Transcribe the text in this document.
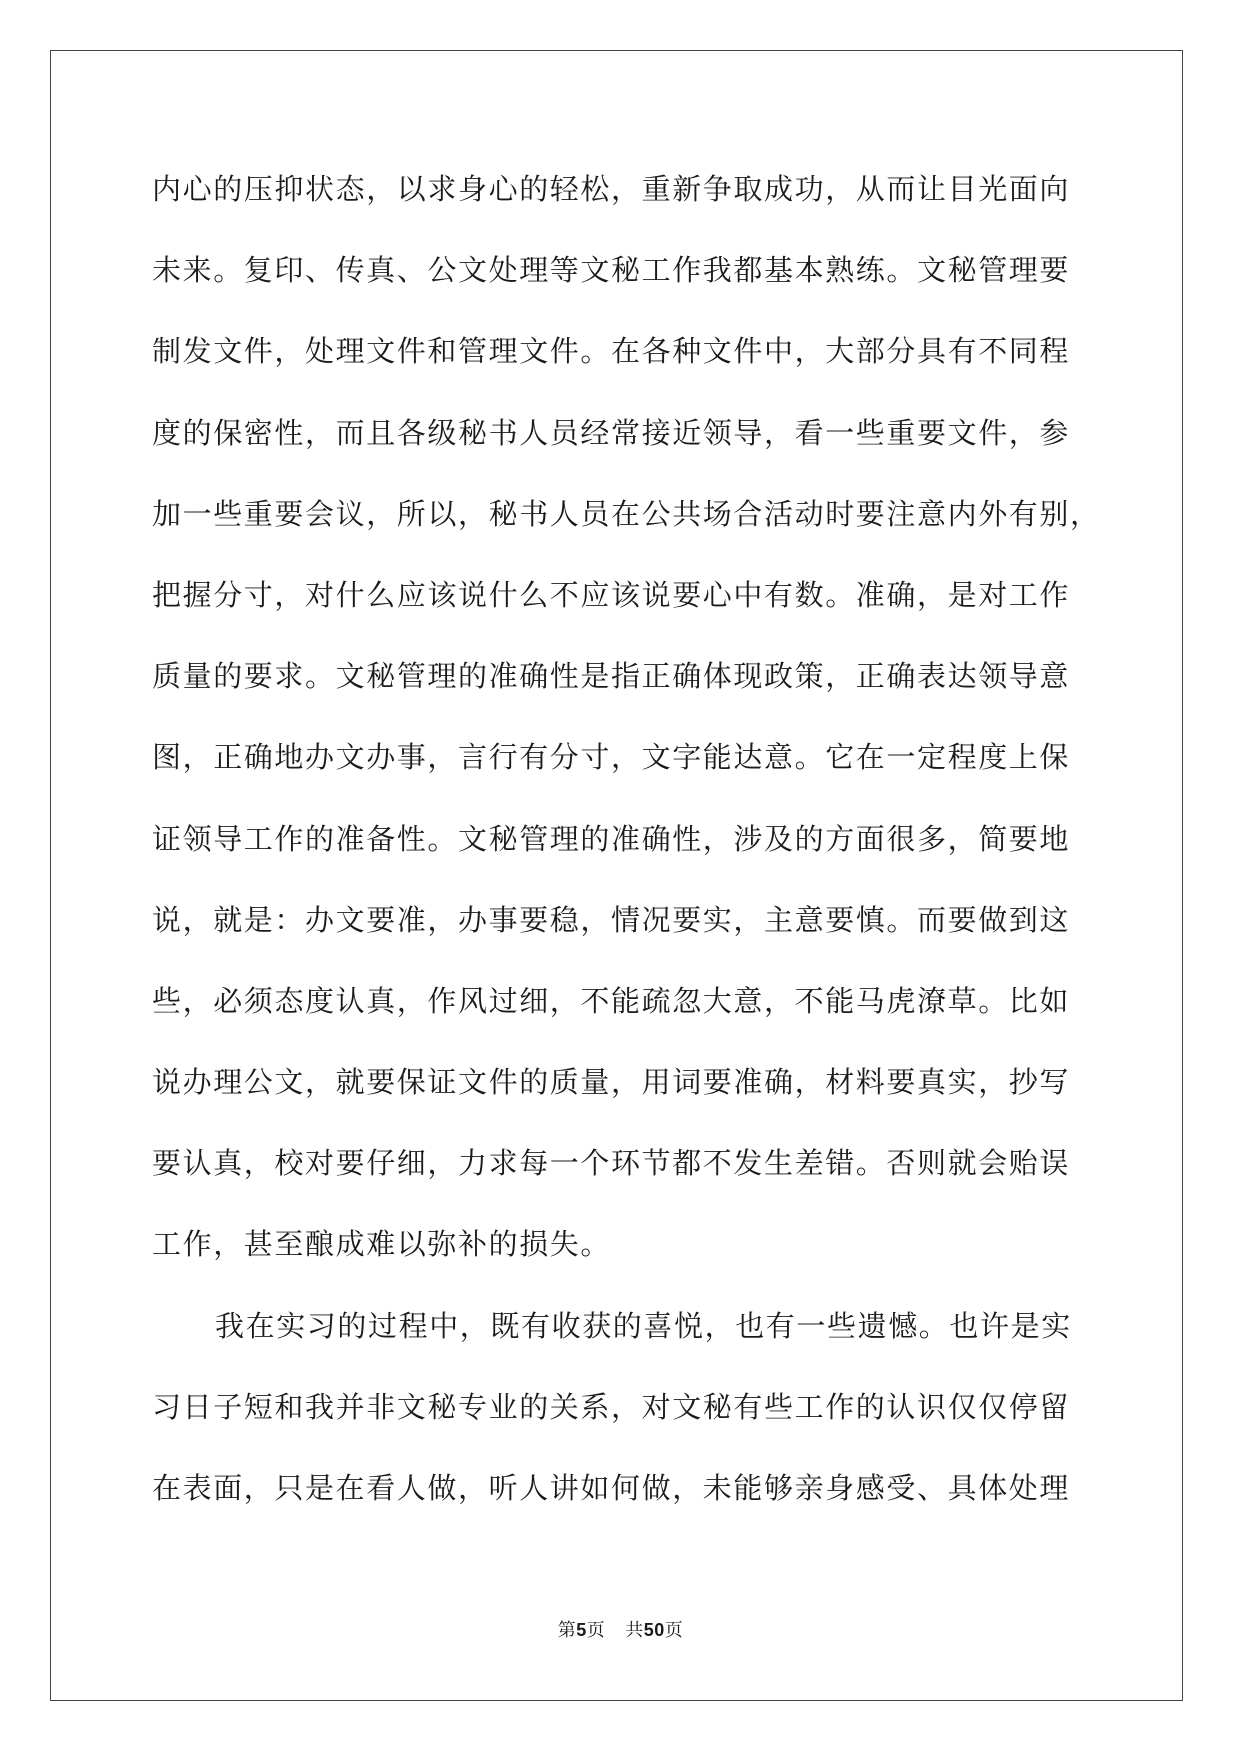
内心的压抑状态，以求身心的轻松，重新争取成功，从而让目光面向
未来。复印、传真、公文处理等文秘工作我都基本熟练。文秘管理要
制发文件，处理文件和管理文件。在各种文件中，大部分具有不同程
度的保密性，而且各级秘书人员经常接近领导，看一些重要文件，参
加一些重要会议，所以，秘书人员在公共场合活动时要注意内外有别，
把握分寸，对什么应该说什么不应该说要心中有数。准确，是对工作
质量的要求。文秘管理的准确性是指正确体现政策，正确表达领导意
图，正确地办文办事，言行有分寸，文字能达意。它在一定程度上保
证领导工作的准备性。文秘管理的准确性，涉及的方面很多，简要地
说，就是：办文要准，办事要稳，情况要实，主意要慎。而要做到这
些，必须态度认真，作风过细，不能疏忽大意，不能马虎潦草。比如
说办理公文，就要保证文件的质量，用词要准确，材料要真实，抄写
要认真，校对要仔细，力求每一个环节都不发生差错。否则就会贻误
工作，甚至酿成难以弥补的损失。
我在实习的过程中，既有收获的喜悦，也有一些遗憾。也许是实
习日子短和我并非文秘专业的关系，对文秘有些工作的认识仅仅停留
在表面，只是在看人做，听人讲如何做，未能够亲身感受、具体处理
第5页 共50页
